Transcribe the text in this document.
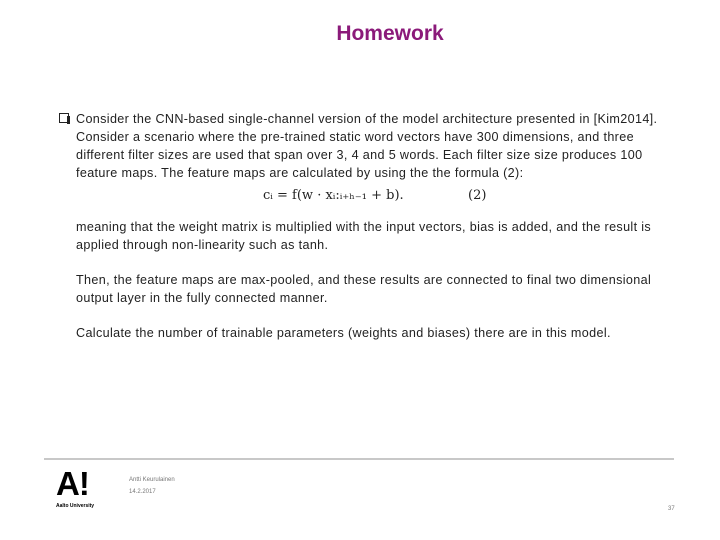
Homework

Consider the CNN-based single-channel version of the model architecture presented in [Kim2014]. Consider a scenario where the pre-trained static word vectors have 300 dimensions, and three different filter sizes are used that span over 3, 4 and 5 words. Each filter size size produces 100 feature maps. The feature maps are calculated by using the the formula (2):

cᵢ = f(w · xᵢ:ᵢ₊ₕ₋₁ + b).	(2)

meaning that the weight matrix is multiplied with the input vectors, bias is added, and the result is applied through non-linearity such as tanh.

Then, the feature maps are max-pooled, and these results are connected to final two dimensional output layer in the fully connected manner.

Calculate the number of trainable parameters (weights and biases) there are in this model.

A!
Aalto University
Antti Keurulainen
14.2.2017
37
